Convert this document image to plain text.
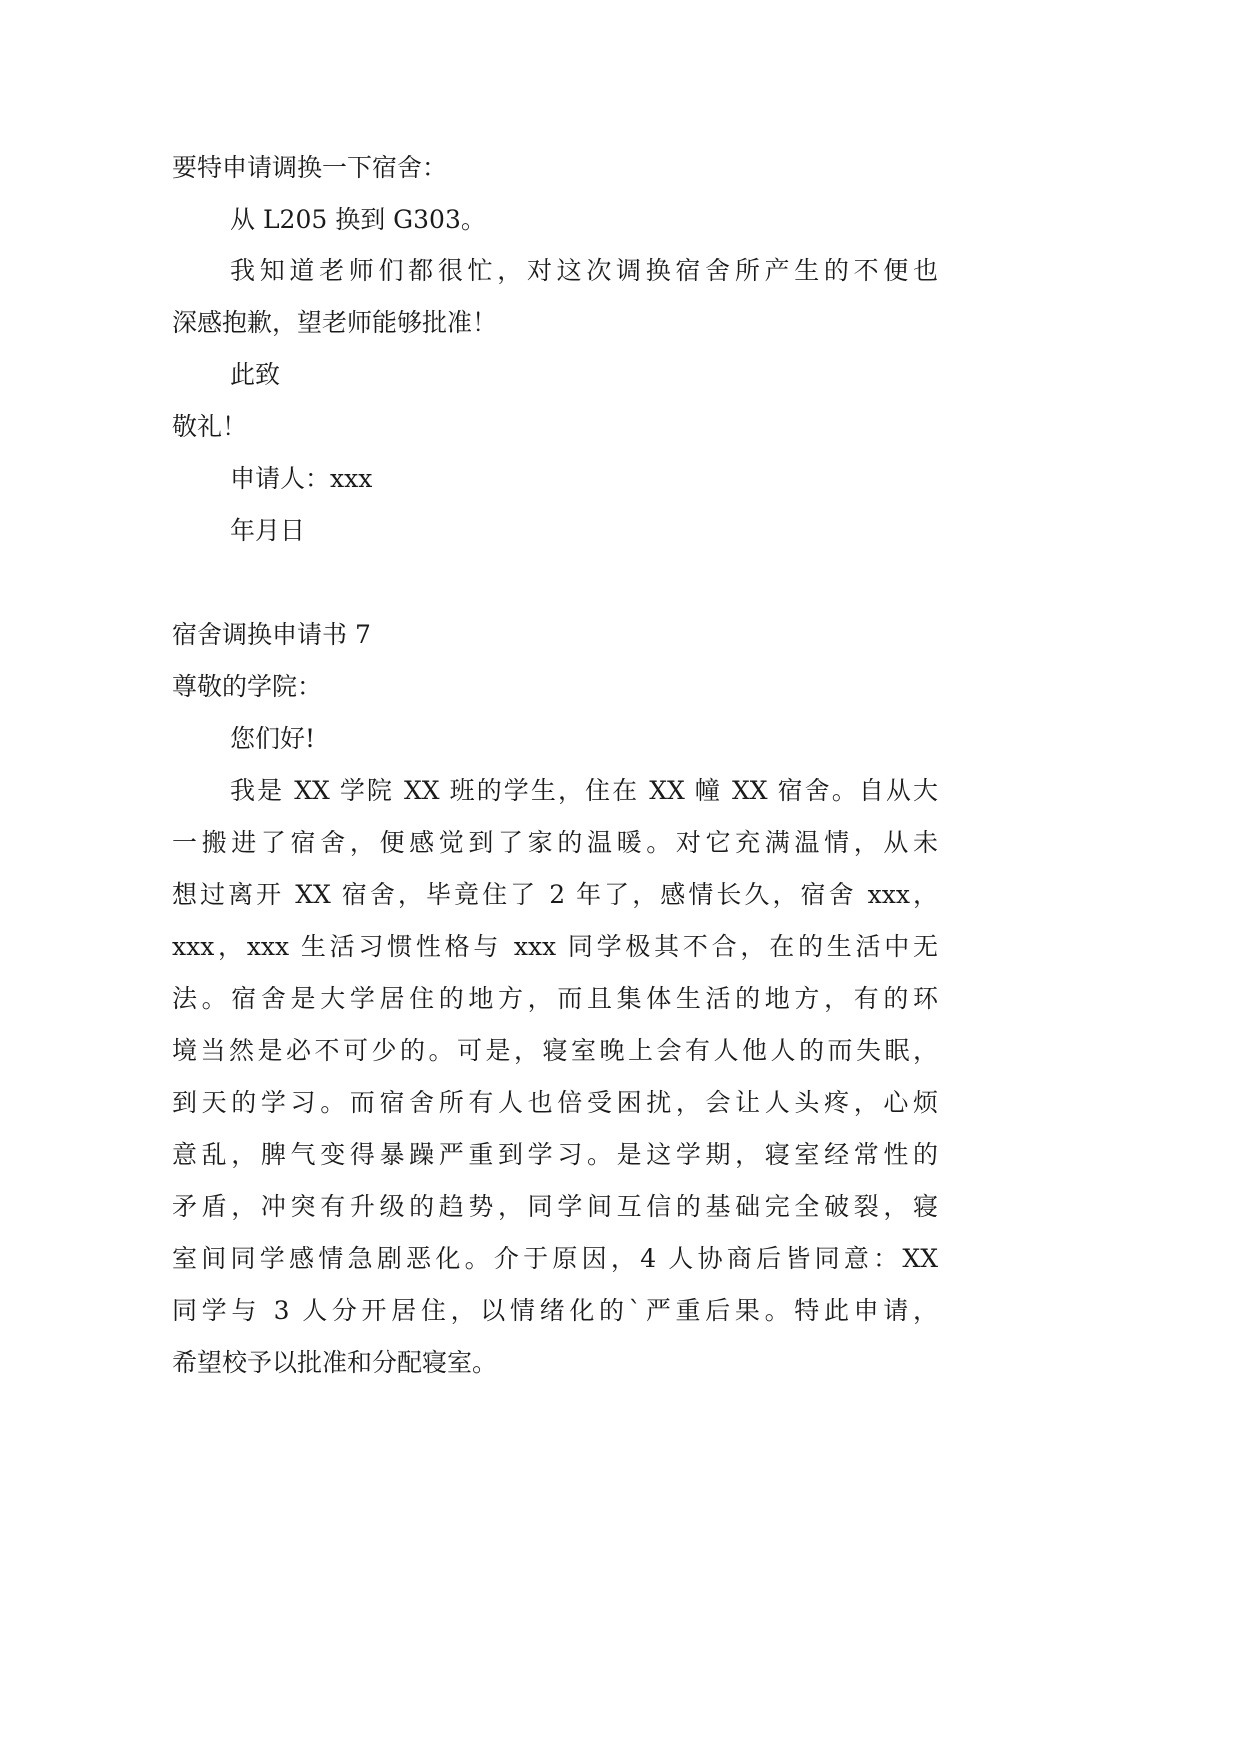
要特申请调换一下宿舍：
从 L205 换到 G303。
我知道老师们都很忙，对这次调换宿舍所产生的不便也
深感抱歉，望老师能够批准！
此致
敬礼！
申请人：xxx
年月日
宿舍调换申请书 7
尊敬的学院：
您们好!
我是 XX 学院 XX 班的学生，住在 XX 幢 XX 宿舍。自从大
一搬进了宿舍，便感觉到了家的温暖。对它充满温情，从未
想过离开 XX 宿舍，毕竟住了 2 年了，感情长久，宿舍 xxx，
xxx，xxx 生活习惯性格与 xxx 同学极其不合，在的生活中无
法。宿舍是大学居住的地方，而且集体生活的地方，有的环
境当然是必不可少的。可是，寝室晚上会有人他人的而失眠，
到天的学习。而宿舍所有人也倍受困扰，会让人头疼，心烦
意乱，脾气变得暴躁严重到学习。是这学期，寝室经常性的
矛盾，冲突有升级的趋势，同学间互信的基础完全破裂，寝
室间同学感情急剧恶化。介于原因，4 人协商后皆同意：XX
同学与 3 人分开居住，以情绪化的`严重后果。特此申请，
希望校予以批准和分配寝室。
